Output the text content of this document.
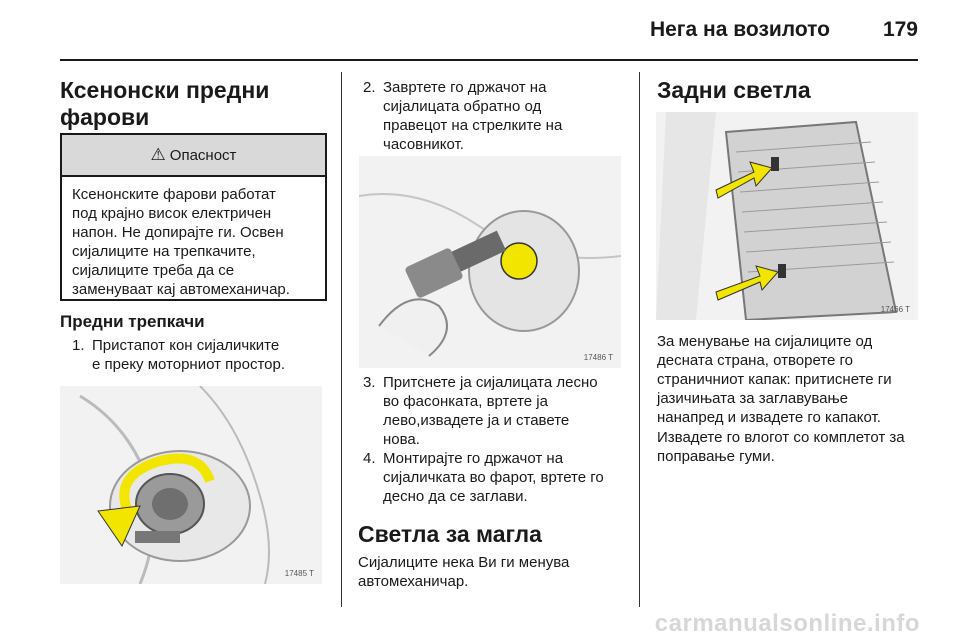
Нега на возилото	179
Ксенонски предни
фарови
⚠ Опасност
Ксенонските фарови работат
под крајно висок електричен
напон. Не допирајте ги. Освен
сијалиците на трепкачите,
сијалиците треба да се
заменуваат кај автомеханичар.
Предни трепкачи
1. Пристапот кон сијаличките
е преку моторниот простор.
17485 T
2. Завртете го држачот на
сијалицата обратно од
правецот на стрелките на
часовникот.
17486 T
3. Притснете ја сијалицата лесно
во фасонката, вртете ја
лево,извадете ја и ставете
нова.
4. Монтирајте го држачот на
сијаличката во фарот, вртете го
десно да се заглави.
Светла за магла
Сијалиците нека Ви ги менува
автомеханичар.
Задни светла
17466 T
За менување на сијалиците од
десната страна, отворете го
страничниот капак: притиснете ги
јазичињата за заглавување
нанапред и извадете го капакот.
Извадете го влогот со комплетот за
поправање гуми.
carmanualsonline.info
